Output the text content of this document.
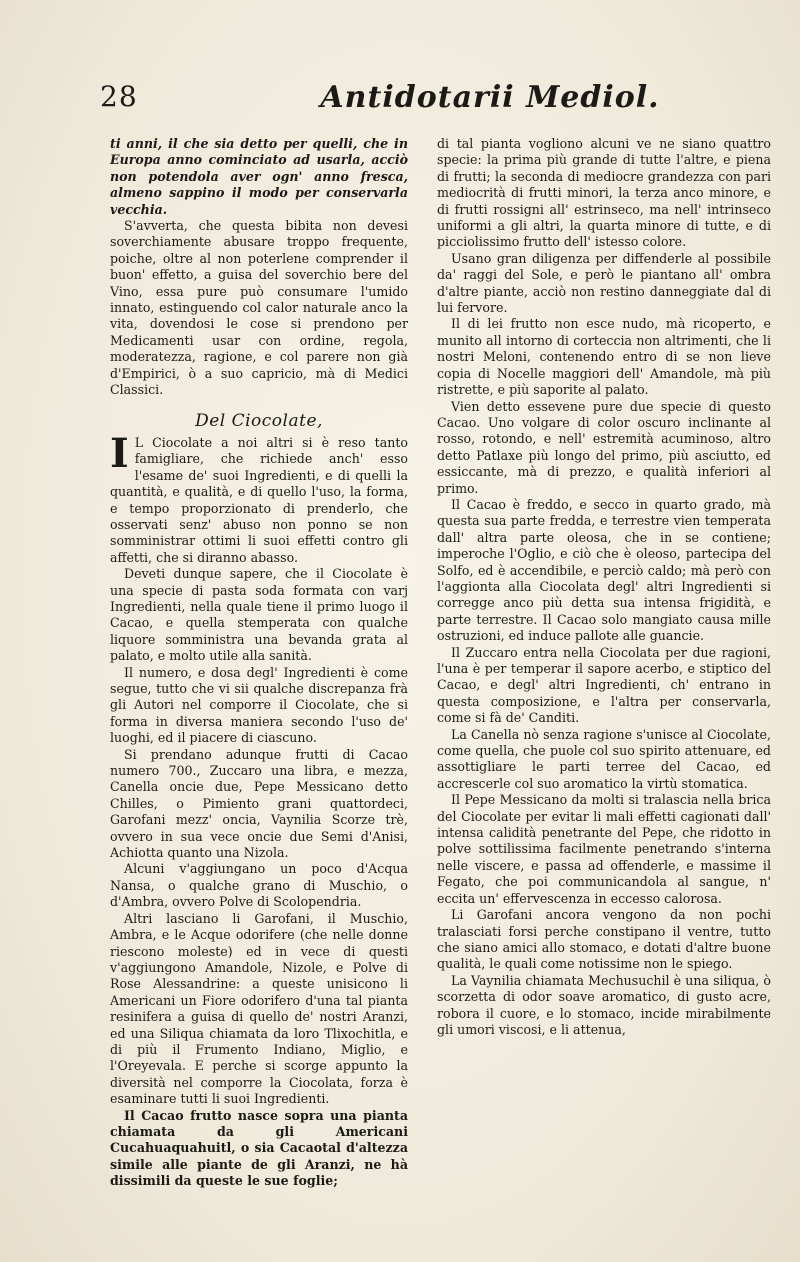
28	Antidotarii Mediol.

ti anni, il che sia detto per quelli, che in Europa anno cominciato ad usarla, acciò non potendola aver ogn' anno fresca, almeno sappino il modo per conservarla vecchia.

S'avverta, che questa bibita non devesi soverchiamente abusare troppo frequente, poiche, oltre al non poterlene comprender il buon' effetto, a guisa del soverchio bere del Vino, essa pure può consumare l'umido innato, estinguendo col calor naturale anco la vita, dovendosi le cose si prendono per Medicamenti usar con ordine, regola, moderatezza, ragione, e col parere non già d'Empirici, ò a suo capricio, mà di Medici Classici.

Del Ciocolate,

I L Ciocolate a noi altri si è reso tanto famigliare, che richiede anch' esso l'esame de' suoi Ingredienti, e di quelli la quantità, e qualità, e di quello l'uso, la forma, e tempo proporzionato di prenderlo, che osservati senz' abuso non ponno se non somministrar ottimi li suoi effetti contro gli affetti, che si diranno abasso.

Deveti dunque sapere, che il Ciocolate è una specie di pasta soda formata con varj Ingredienti, nella quale tiene il primo luogo il Cacao, e quella stemperata con qualche liquore somministra una bevanda grata al palato, e molto utile alla sanità.

Il numero, e dosa degl' Ingredienti è come segue, tutto che vi sii qualche discrepanza frà gli Autori nel comporre il Ciocolate, che si forma in diversa maniera secondo l'uso de' luoghi, ed il piacere di ciascuno.

Si prendano adunque frutti di Cacao numero 700., Zuccaro una libra, e mezza, Canella oncie due, Pepe Messicano detto Chilles, o Pimiento grani quattordeci, Garofani mezz' oncia, Vaynilia Scorze trè, ovvero in sua vece oncie due Semi d'Anisi, Achiotta quanto una Nizola.

Alcuni v'aggiungano un poco d'Acqua Nansa, o qualche grano di Muschio, o d'Ambra, ovvero Polve di Scolopendria.

Altri lasciano li Garofani, il Muschio, Ambra, e le Acque odorifere (che nelle donne riescono moleste) ed in vece di questi v'aggiungono Amandole, Nizole, e Polve di Rose Alessandrine: a queste unisicono li Americani un Fiore odorifero d'una tal pianta resinifera a guisa di quello de' nostri Aranzi, ed una Siliqua chiamata da loro Tlixochitla, e di più il Frumento Indiano, Miglio, e l'Oreyevala. E perche si scorge appunto la diversità nel comporre la Ciocolata, forza è esaminare tutti li suoi Ingredienti.

Il Cacao frutto nasce sopra una pianta chiamata da gli Americani Cucahuaquahuitl, o sia Cacaotal d'altezza simile alle piante de gli Aranzi, ne hà dissimili da queste le sue foglie;

di tal pianta vogliono alcuni ve ne siano quattro specie: la prima più grande di tutte l'altre, e piena di frutti; la seconda di mediocre grandezza con pari mediocrità di frutti minori, la terza anco minore, e di frutti rossigni all' estrinseco, ma nell' intrinseco uniformi a gli altri, la quarta minore di tutte, e di picciolissimo frutto dell' istesso colore.

Usano gran diligenza per diffenderle al possibile da' raggi del Sole, e però le piantano all' ombra d'altre piante, acciò non restino danneggiate dal di lui fervore.

Il di lei frutto non esce nudo, mà ricoperto, e munito all intorno di corteccia non altrimenti, che li nostri Meloni, contenendo entro di se non lieve copia di Nocelle maggiori dell' Amandole, mà più ristrette, e più saporite al palato.

Vien detto essevene pure due specie di questo Cacao. Uno volgare di color oscuro inclinante al rosso, rotondo, e nell' estremità acuminoso, altro detto Patlaxe più longo del primo, più asciutto, ed essiccante, mà di prezzo, e qualità inferiori al primo.

Il Cacao è freddo, e secco in quarto grado, mà questa sua parte fredda, e terrestre vien temperata dall' altra parte oleosa, che in se contiene; imperoche l'Oglio, e ciò che è oleoso, partecipa del Solfo, ed è accendibile, e perciò caldo; mà però con l'aggionta alla Ciocolata degl' altri Ingredienti si corregge anco più detta sua intensa frigidità, e parte terrestre. Il Cacao solo mangiato causa mille ostruzioni, ed induce pallote alle guancie.

Il Zuccaro entra nella Ciocolata per due ragioni, l'una è per temperar il sapore acerbo, e stiptico del Cacao, e degl' altri Ingredienti, ch' entrano in questa composizione, e l'altra per conservarla, come si fà de' Canditi.

La Canella nò senza ragione s'unisce al Ciocolate, come quella, che puole col suo spirito attenuare, ed assottigliare le parti terree del Cacao, ed accrescerle col suo aromatico la virtù stomatica.

Il Pepe Messicano da molti si tralascia nella brica del Ciocolate per evitar li mali effetti cagionati dall' intensa calidità penetrante del Pepe, che ridotto in polve sottilissima facilmente penetrando s'interna nelle viscere, e passa ad offenderle, e massime il Fegato, che poi communicandola al sangue, n' eccita un' effervescenza in eccesso calorosa.

Li Garofani ancora vengono da non pochi tralasciati forsi perche constipano il ventre, tutto che siano amici allo stomaco, e dotati d'altre buone qualità, le quali come notissime non le spiego.

La Vaynilia chiamata Mechusuchil è una siliqua, ò scorzetta di odor soave aromatico, di gusto acre, robora il cuore, e lo stomaco, incide mirabilmente gli umori viscosi, e li attenua,
